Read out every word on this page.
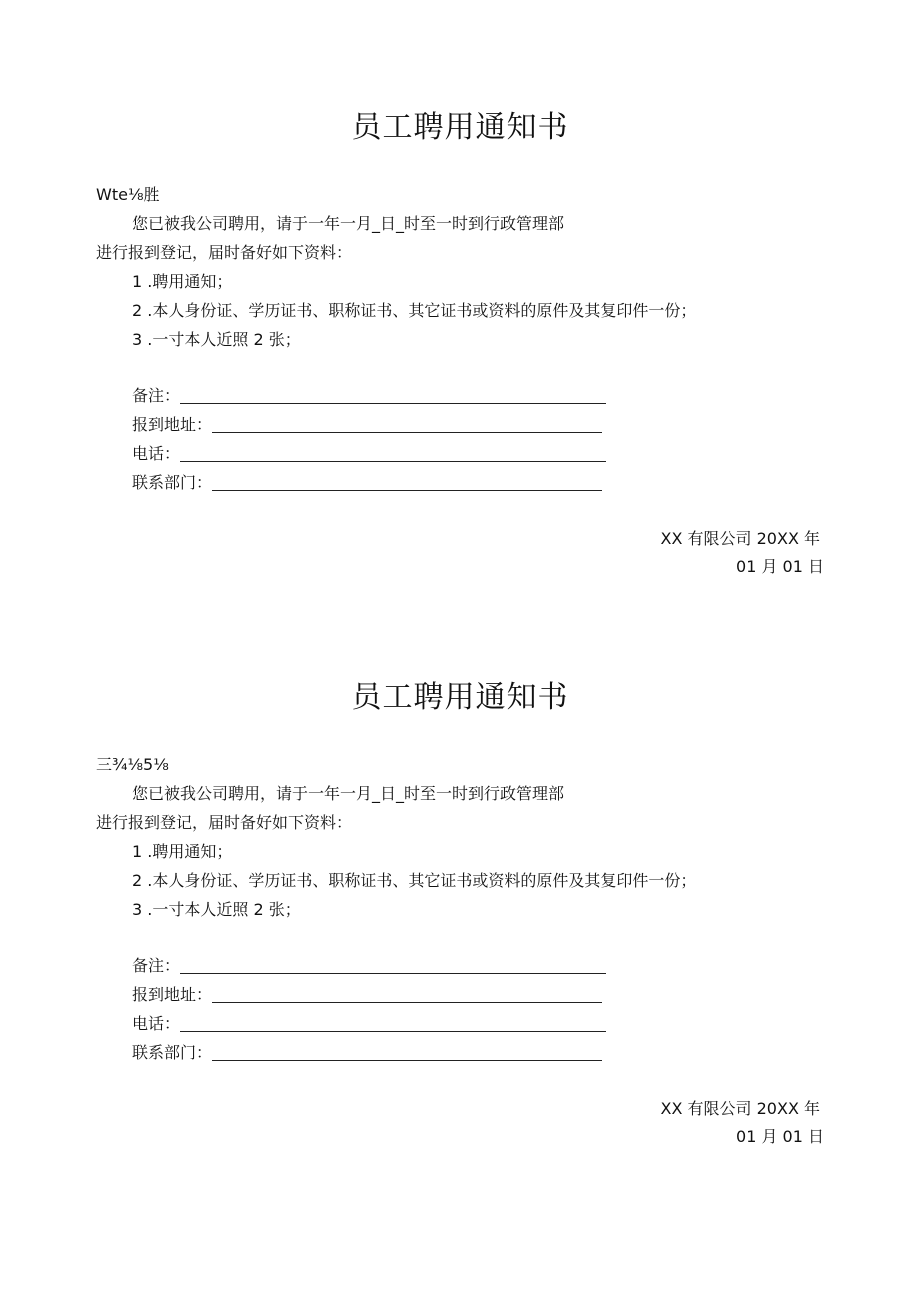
员工聘用通知书
Wte⅛胜
您已被我公司聘用，请于一年一月_日_时至一时到行政管理部
进行报到登记，届时备好如下资料：
1 .聘用通知；
2 .本人身份证、学历证书、职称证书、其它证书或资料的原件及其复印件一份；
3 .一寸本人近照 2 张；
备注：
报到地址：
电话：
联系部门：
XX 有限公司 20XX 年
01 月 01 日
员工聘用通知书
三¾⅛5⅛
您已被我公司聘用，请于一年一月_日_时至一时到行政管理部
进行报到登记，届时备好如下资料：
1 .聘用通知；
2 .本人身份证、学历证书、职称证书、其它证书或资料的原件及其复印件一份；
3 .一寸本人近照 2 张；
备注：
报到地址：
电话：
联系部门：
XX 有限公司 20XX 年
01 月 01 日
